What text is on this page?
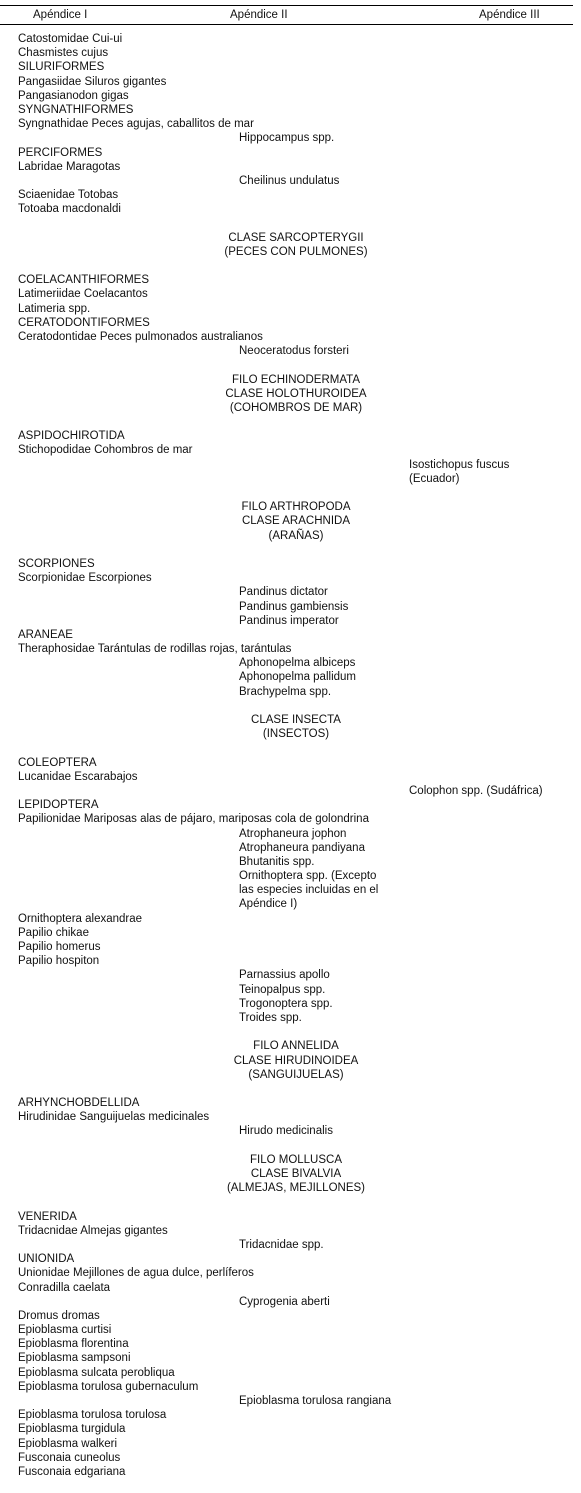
Apéndice I	Apéndice II	Apéndice III
Catostomidae Cui-ui
Chasmistes cujus
SILURIFORMES
Pangasiidae Siluros gigantes
Pangasianodon gigas
SYNGNATHIFORMES
Syngnathidae Peces agujas, caballitos de mar
Hippocampus spp.
PERCIFORMES
Labridae Maragotas
Cheilinus undulatus
Sciaenidae Totobas
Totoaba macdonaldi
CLASE SARCOPTERYGII
(PECES CON PULMONES)
COELACANTHIFORMES
Latimeriidae Coelacantos
Latimeria spp.
CERATODONTIFORMES
Ceratodontidae Peces pulmonados australianos
Neoceratodus forsteri
FILO ECHINODERMATA
CLASE HOLOTHUROIDEA
(COHOMBROS DE MAR)
ASPIDOCHIROTIDA
Stichopodidae Cohombros de mar
Isostichopus fuscus
(Ecuador)
FILO ARTHROPODA
CLASE ARACHNIDA
(ARAÑAS)
SCORPIONES
Scorpionidae Escorpiones
Pandinus dictator
Pandinus gambiensis
Pandinus imperator
ARANEAE
Theraphosidae Tarántulas de rodillas rojas, tarántulas
Aphonopelma albiceps
Aphonopelma pallidum
Brachypelma spp.
CLASE INSECTA
(INSECTOS)
COLEOPTERA
Lucanidae Escarabajos
Colophon spp. (Sudáfrica)
LEPIDOPTERA
Papilionidae Mariposas alas de pájaro, mariposas cola de golondrina
Atrophaneura jophon
Atrophaneura pandiyana
Bhutanitis spp.
Ornithoptera spp. (Excepto
las especies incluidas en el
Apéndice I)
Ornithoptera alexandrae
Papilio chikae
Papilio homerus
Papilio hospiton
Parnassius apollo
Teinopalpus spp.
Trogonoptera spp.
Troides spp.
FILO ANNELIDA
CLASE HIRUDINOIDEA
(SANGUIJUELAS)
ARHYNCHOBDELLIDA
Hirudinidae Sanguijuelas medicinales
Hirudo medicinalis
FILO MOLLUSCA
CLASE BIVALVIA
(ALMEJAS, MEJILLONES)
VENERIDA
Tridacnidae Almejas gigantes
Tridacnidae spp.
UNIONIDA
Unionidae Mejillones de agua dulce, perlíferos
Conradilla caelata
Cyprogenia aberti
Dromus dromas
Epioblasma curtisi
Epioblasma florentina
Epioblasma sampsoni
Epioblasma sulcata perobliqua
Epioblasma torulosa gubernaculum
Epioblasma torulosa rangiana
Epioblasma torulosa torulosa
Epioblasma turgidula
Epioblasma walkeri
Fusconaia cuneolus
Fusconaia edgariana
